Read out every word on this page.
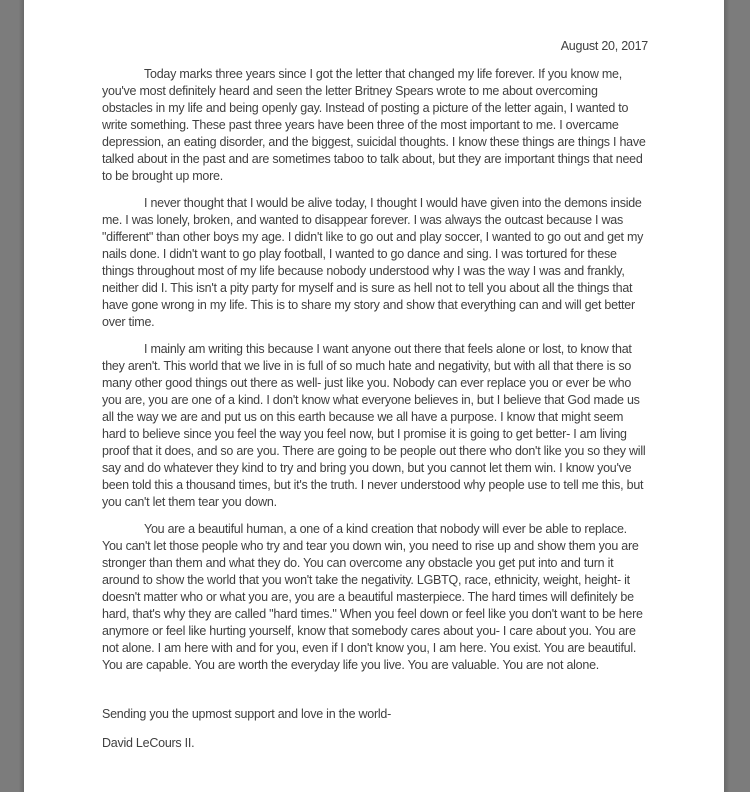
August 20, 2017

Today marks three years since I got the letter that changed my life forever. If you know me, you've most definitely heard and seen the letter Britney Spears wrote to me about overcoming obstacles in my life and being openly gay. Instead of posting a picture of the letter again, I wanted to write something. These past three years have been three of the most important to me. I overcame depression, an eating disorder, and the biggest, suicidal thoughts. I know these things are things I have talked about in the past and are sometimes taboo to talk about, but they are important things that need to be brought up more.

I never thought that I would be alive today, I thought I would have given into the demons inside me. I was lonely, broken, and wanted to disappear forever. I was always the outcast because I was "different" than other boys my age. I didn't like to go out and play soccer, I wanted to go out and get my nails done. I didn't want to go play football, I wanted to go dance and sing. I was tortured for these things throughout most of my life because nobody understood why I was the way I was and frankly, neither did I. This isn't a pity party for myself and is sure as hell not to tell you about all the things that have gone wrong in my life. This is to share my story and show that everything can and will get better over time.

I mainly am writing this because I want anyone out there that feels alone or lost, to know that they aren't. This world that we live in is full of so much hate and negativity, but with all that there is so many other good things out there as well- just like you. Nobody can ever replace you or ever be who you are, you are one of a kind. I don't know what everyone believes in, but I believe that God made us all the way we are and put us on this earth because we all have a purpose. I know that might seem hard to believe since you feel the way you feel now, but I promise it is going to get better- I am living proof that it does, and so are you. There are going to be people out there who don't like you so they will say and do whatever they kind to try and bring you down, but you cannot let them win. I know you've been told this a thousand times, but it's the truth. I never understood why people use to tell me this, but you can't let them tear you down.

You are a beautiful human, a one of a kind creation that nobody will ever be able to replace. You can't let those people who try and tear you down win, you need to rise up and show them you are stronger than them and what they do. You can overcome any obstacle you get put into and turn it around to show the world that you won't take the negativity. LGBTQ, race, ethnicity, weight, height- it doesn't matter who or what you are, you are a beautiful masterpiece. The hard times will definitely be hard, that's why they are called "hard times." When you feel down or feel like you don't want to be here anymore or feel like hurting yourself, know that somebody cares about you- I care about you. You are not alone. I am here with and for you, even if I don't know you, I am here. You exist. You are beautiful. You are capable. You are worth the everyday life you live. You are valuable. You are not alone.

Sending you the upmost support and love in the world-
David LeCours II.
